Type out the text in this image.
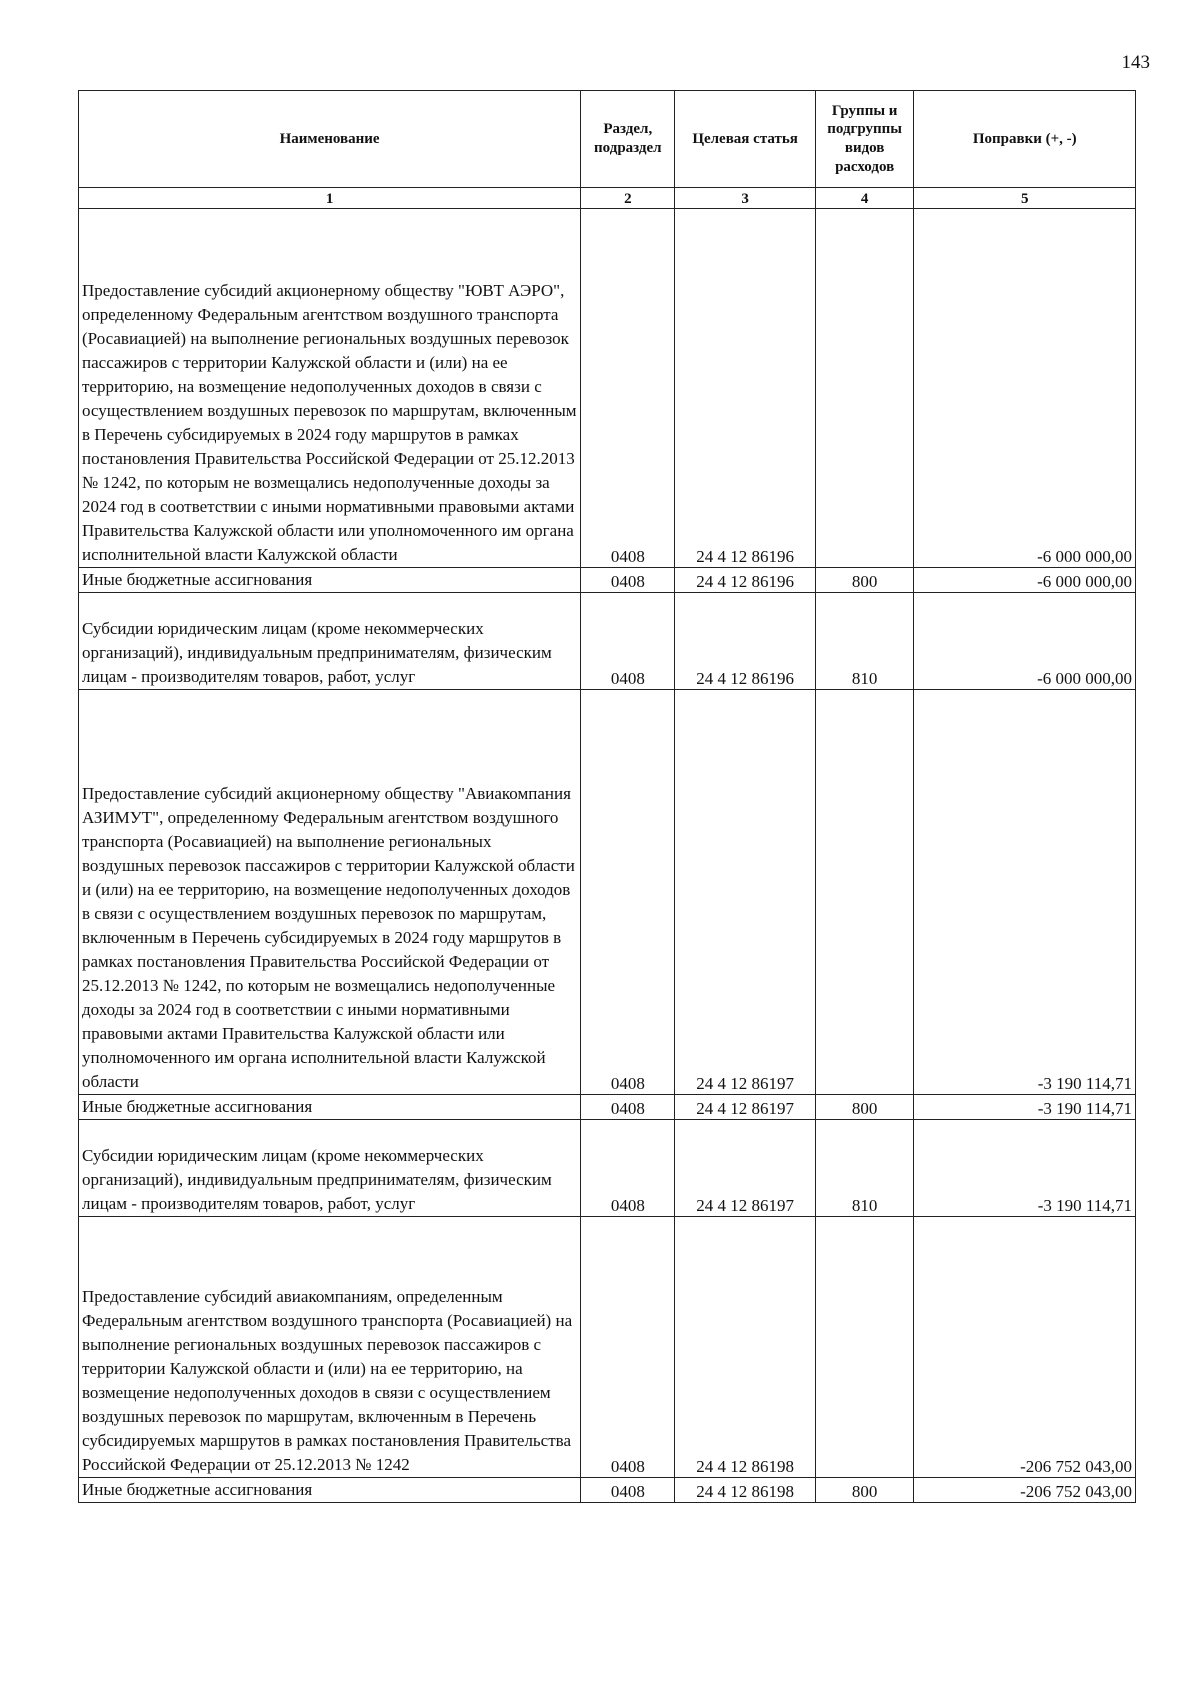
143
Наименование	Раздел, подраздел	Целевая статья	Группы и подгруппы видов расходов	Поправки (+, -)
1	2	3	4	5

Предоставление субсидий акционерному обществу "ЮВТ АЭРО", определенному Федеральным агентством воздушного транспорта (Росавиацией) на выполнение региональных воздушных перевозок пассажиров с территории Калужской области и (или) на ее территорию, на возмещение недополученных доходов в связи с осуществлением воздушных перевозок по маршрутам, включенным в Перечень субсидируемых в 2024 году маршрутов в рамках постановления Правительства Российской Федерации от 25.12.2013 № 1242, по которым не возмещались недополученные доходы за 2024 год в соответствии с иными нормативными правовыми актами Правительства Калужской области или уполномоченного им органа исполнительной власти Калужской области	0408	24 4 12 86196		-6 000 000,00
Иные бюджетные ассигнования	0408	24 4 12 86196	800	-6 000 000,00

Субсидии юридическим лицам (кроме некоммерческих организаций), индивидуальным предпринимателям, физическим лицам - производителям товаров, работ, услуг	0408	24 4 12 86196	810	-6 000 000,00

Предоставление субсидий акционерному обществу "Авиакомпания АЗИМУТ", определенному Федеральным агентством воздушного транспорта (Росавиацией) на выполнение региональных воздушных перевозок пассажиров с территории Калужской области и (или) на ее территорию, на возмещение недополученных доходов в связи с осуществлением воздушных перевозок по маршрутам, включенным в Перечень субсидируемых в 2024 году маршрутов в рамках постановления Правительства Российской Федерации от 25.12.2013 № 1242, по которым не возмещались недополученные доходы за 2024 год в соответствии с иными нормативными правовыми актами Правительства Калужской области или уполномоченного им органа исполнительной власти Калужской области	0408	24 4 12 86197		-3 190 114,71
Иные бюджетные ассигнования	0408	24 4 12 86197	800	-3 190 114,71

Субсидии юридическим лицам (кроме некоммерческих организаций), индивидуальным предпринимателям, физическим лицам - производителям товаров, работ, услуг	0408	24 4 12 86197	810	-3 190 114,71

Предоставление субсидий авиакомпаниям, определенным Федеральным агентством воздушного транспорта (Росавиацией) на выполнение региональных воздушных перевозок пассажиров с территории Калужской области и (или) на ее территорию, на возмещение недополученных доходов в связи с осуществлением воздушных перевозок по маршрутам, включенным в Перечень субсидируемых маршрутов в рамках постановления Правительства Российской Федерации от 25.12.2013 № 1242	0408	24 4 12 86198		-206 752 043,00
Иные бюджетные ассигнования	0408	24 4 12 86198	800	-206 752 043,00
